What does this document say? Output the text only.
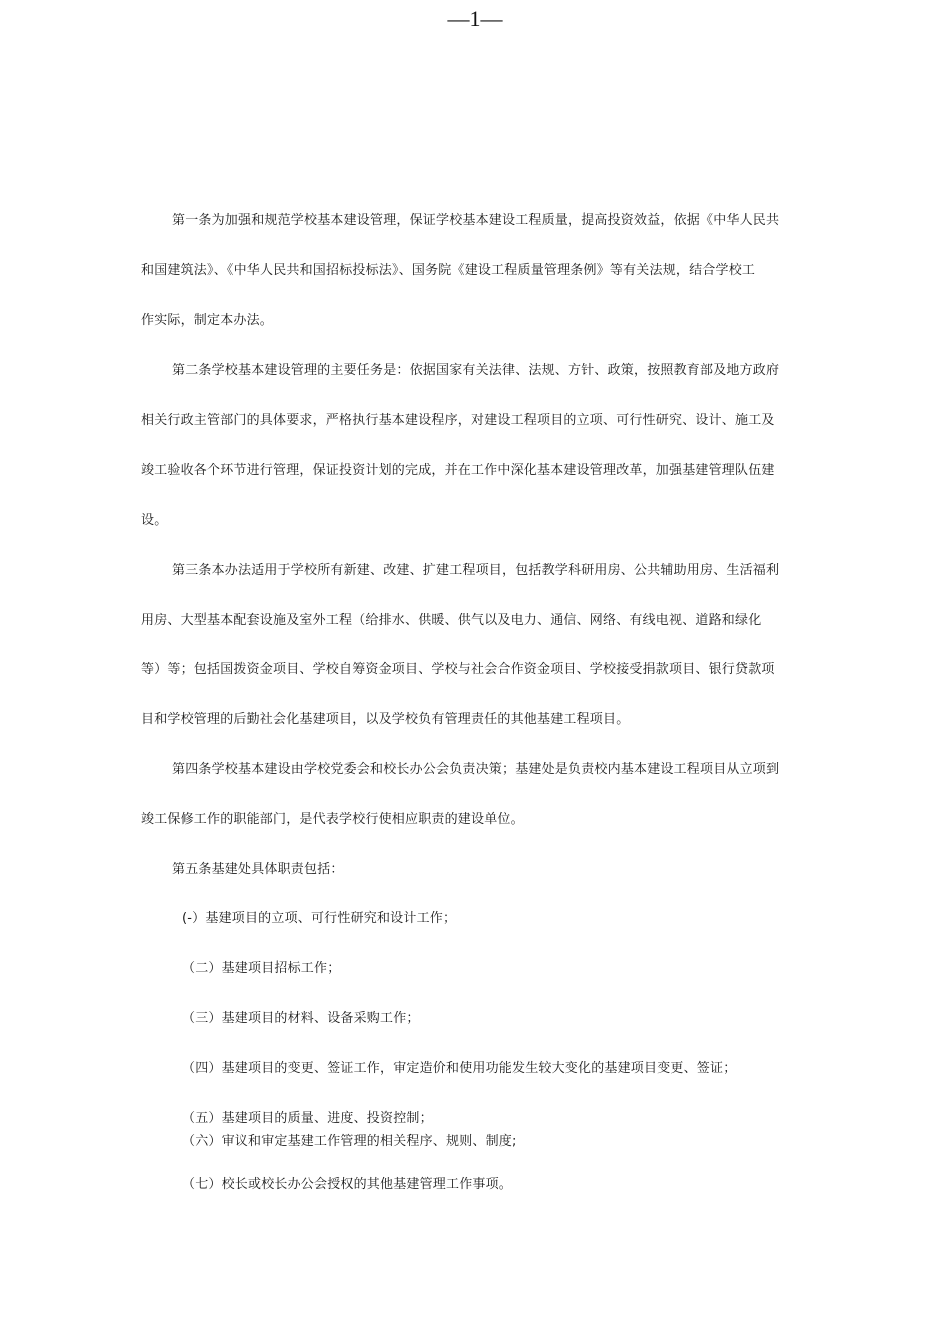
—1—
第一条为加强和规范学校基本建设管理，保证学校基本建设工程质量，提高投资效益，依据《中华人民共
和国建筑法》、《中华人民共和国招标投标法》、国务院《建设工程质量管理条例》等有关法规，结合学校工
作实际，制定本办法。
第二条学校基本建设管理的主要任务是：依据国家有关法律、法规、方针、政策，按照教育部及地方政府
相关行政主管部门的具体要求，严格执行基本建设程序，对建设工程项目的立项、可行性研究、设计、施工及
竣工验收各个环节进行管理，保证投资计划的完成，并在工作中深化基本建设管理改革，加强基建管理队伍建
设。
第三条本办法适用于学校所有新建、改建、扩建工程项目，包括教学科研用房、公共辅助用房、生活福利
用房、大型基本配套设施及室外工程（给排水、供暖、供气以及电力、通信、网络、有线电视、道路和绿化
等）等；包括国拨资金项目、学校自筹资金项目、学校与社会合作资金项目、学校接受捐款项目、银行贷款项
目和学校管理的后勤社会化基建项目，以及学校负有管理责任的其他基建工程项目。
第四条学校基本建设由学校党委会和校长办公会负责决策；基建处是负责校内基本建设工程项目从立项到
竣工保修工作的职能部门，是代表学校行使相应职责的建设单位。
第五条基建处具体职责包括：
(-）基建项目的立项、可行性研究和设计工作；
（二）基建项目招标工作；
（三）基建项目的材料、设备采购工作；
（四）基建项目的变更、签证工作，审定造价和使用功能发生较大变化的基建项目变更、签证；
（五）基建项目的质量、进度、投资控制；
（六）审议和审定基建工作管理的相关程序、规则、制度;
（七）校长或校长办公会授权的其他基建管理工作事项。
